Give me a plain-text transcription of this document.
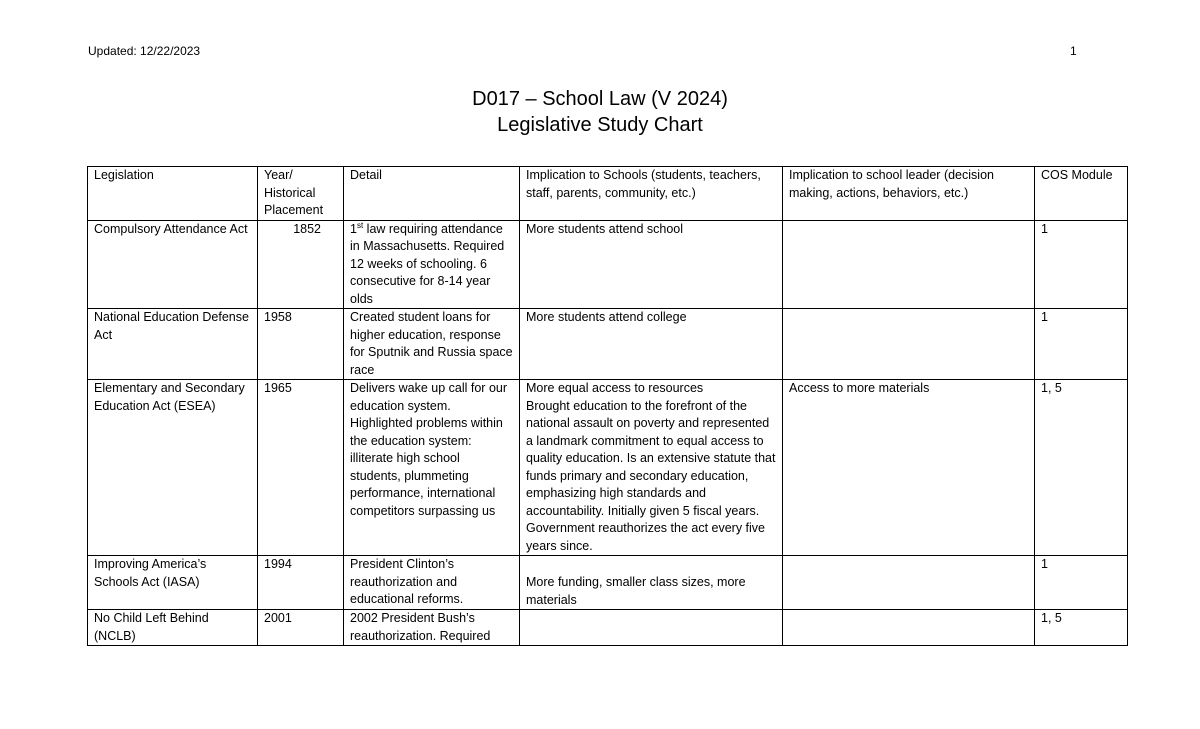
Updated: 12/22/2023	1
D017 – School Law (V 2024)
Legislative Study Chart
Legislation	Year/ Historical Placement	Detail	Implication to Schools (students, teachers, staff, parents, community, etc.)	Implication to school leader (decision making, actions, behaviors, etc.)	COS Module
Compulsory Attendance Act	1852	1st law requiring attendance in Massachusetts. Required 12 weeks of schooling. 6 consecutive for 8-14 year olds	More students attend school		1
National Education Defense Act	1958	Created student loans for higher education, response for Sputnik and Russia space race	More students attend college		1
Elementary and Secondary Education Act (ESEA)	1965	Delivers wake up call for our education system. Highlighted problems within the education system: illiterate high school students, plummeting performance, international competitors surpassing us	More equal access to resources
Brought education to the forefront of the national assault on poverty and represented a landmark commitment to equal access to quality education. Is an extensive statute that funds primary and secondary education, emphasizing high standards and accountability. Initially given 5 fiscal years. Government reauthorizes the act every five years since.	Access to more materials	1, 5
Improving America’s Schools Act (IASA)	1994	President Clinton’s reauthorization and educational reforms.	More funding, smaller class sizes, more materials		1
No Child Left Behind (NCLB)	2001	2002 President Bush’s reauthorization. Required			1, 5
